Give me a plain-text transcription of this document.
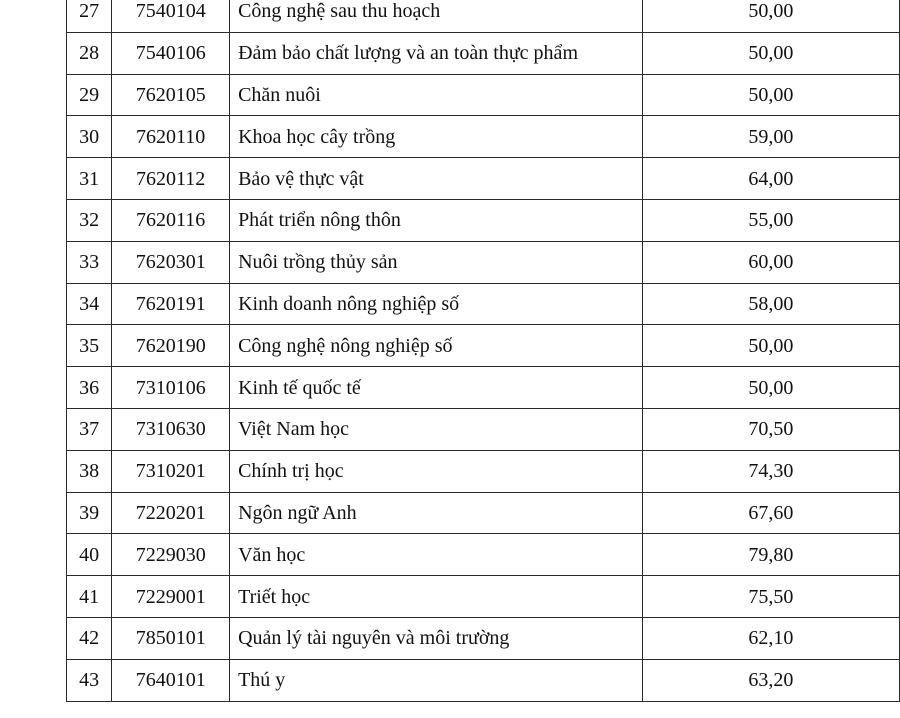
27	7540104	Công nghệ sau thu hoạch	50,00
28	7540106	Đảm bảo chất lượng và an toàn thực phẩm	50,00
29	7620105	Chăn nuôi	50,00
30	7620110	Khoa học cây trồng	59,00
31	7620112	Bảo vệ thực vật	64,00
32	7620116	Phát triển nông thôn	55,00
33	7620301	Nuôi trồng thủy sản	60,00
34	7620191	Kinh doanh nông nghiệp số	58,00
35	7620190	Công nghệ nông nghiệp số	50,00
36	7310106	Kinh tế quốc tế	50,00
37	7310630	Việt Nam học	70,50
38	7310201	Chính trị học	74,30
39	7220201	Ngôn ngữ Anh	67,60
40	7229030	Văn học	79,80
41	7229001	Triết học	75,50
42	7850101	Quản lý tài nguyên và môi trường	62,10
43	7640101	Thú y	63,20
